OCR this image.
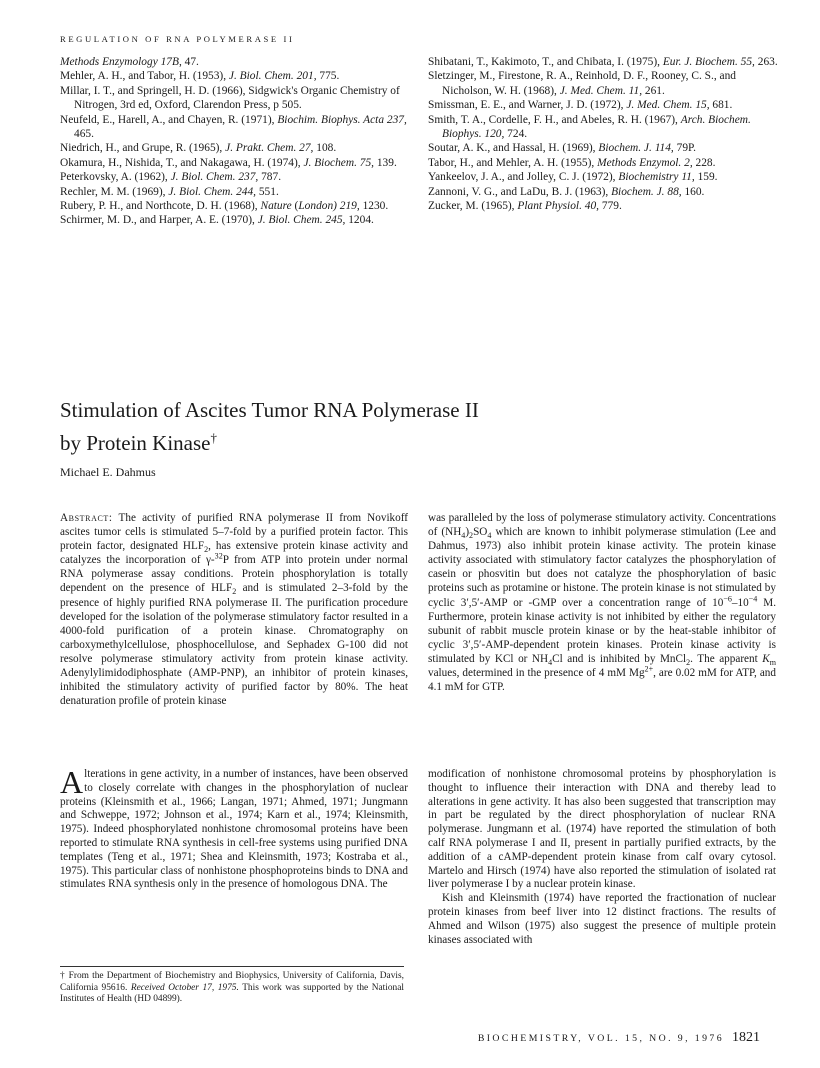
REGULATION OF RNA POLYMERASE II
Methods Enzymology 17B, 47.
Mehler, A. H., and Tabor, H. (1953), J. Biol. Chem. 201, 775.
Millar, I. T., and Springell, H. D. (1966), Sidgwick's Organic Chemistry of Nitrogen, 3rd ed, Oxford, Clarendon Press, p 505.
Neufeld, E., Harell, A., and Chayen, R. (1971), Biochim. Biophys. Acta 237, 465.
Niedrich, H., and Grupe, R. (1965), J. Prakt. Chem. 27, 108.
Okamura, H., Nishida, T., and Nakagawa, H. (1974), J. Biochem. 75, 139.
Peterkovsky, A. (1962), J. Biol. Chem. 237, 787.
Rechler, M. M. (1969), J. Biol. Chem. 244, 551.
Rubery, P. H., and Northcote, D. H. (1968), Nature (London) 219, 1230.
Schirmer, M. D., and Harper, A. E. (1970), J. Biol. Chem. 245, 1204.
Shibatani, T., Kakimoto, T., and Chibata, I. (1975), Eur. J. Biochem. 55, 263.
Sletzinger, M., Firestone, R. A., Reinhold, D. F., Rooney, C. S., and Nicholson, W. H. (1968), J. Med. Chem. 11, 261.
Smissman, E. E., and Warner, J. D. (1972), J. Med. Chem. 15, 681.
Smith, T. A., Cordelle, F. H., and Abeles, R. H. (1967), Arch. Biochem. Biophys. 120, 724.
Soutar, A. K., and Hassal, H. (1969), Biochem. J. 114, 79P.
Tabor, H., and Mehler, A. H. (1955), Methods Enzymol. 2, 228.
Yankeelov, J. A., and Jolley, C. J. (1972), Biochemistry 11, 159.
Zannoni, V. G., and LaDu, B. J. (1963), Biochem. J. 88, 160.
Zucker, M. (1965), Plant Physiol. 40, 779.
Stimulation of Ascites Tumor RNA Polymerase II
by Protein Kinase†
Michael E. Dahmus
Abstract: The activity of purified RNA polymerase II from Novikoff ascites tumor cells is stimulated 5–7-fold by a purified protein factor. This protein factor, designated $HLF_2$, has extensive protein kinase activity and catalyzes the incorporation of γ-$^{32}$P from ATP into protein under normal RNA polymerase assay conditions. Protein phosphorylation is totally dependent on the presence of $HLF_2$ and is stimulated 2–3-fold by the presence of highly purified RNA polymerase II. The purification procedure developed for the isolation of the polymerase stimulatory factor resulted in a 4000-fold purification of a protein kinase. Chromatography on carboxymethylcellulose, phosphocellulose, and Sephadex G-100 did not resolve polymerase stimulatory activity from protein kinase activity. Adenylylimidodiphosphate (AMP-PNP), an inhibitor of protein kinases, inhibited the stimulatory activity of purified factor by 80%. The heat denaturation profile of protein kinase
was paralleled by the loss of polymerase stimulatory activity. Concentrations of $(NH_4)_2SO_4$ which are known to inhibit polymerase stimulation (Lee and Dahmus, 1973) also inhibit protein kinase activity. The protein kinase activity associated with stimulatory factor catalyzes the phosphorylation of casein or phosvitin but does not catalyze the phosphorylation of basic proteins such as protamine or histone. The protein kinase is not stimulated by cyclic 3′,5′-AMP or -GMP over a concentration range of $10^{-6}-10^{-4}$ M. Furthermore, protein kinase activity is not inhibited by either the regulatory subunit of rabbit muscle protein kinase or by the heat-stable inhibitor of cyclic 3′,5′-AMP-dependent protein kinases. Protein kinase activity is stimulated by KCl or $NH_4Cl$ and is inhibited by MnCl$_2$. The apparent $K_m$ values, determined in the presence of 4 mM $Mg^{2+}$, are 0.02 mM for ATP, and 4.1 mM for GTP.

Alterations in gene activity, in a number of instances, have been observed to closely correlate with changes in the phosphorylation of nuclear proteins (Kleinsmith et al., 1966; Langan, 1971; Ahmed, 1971; Jungmann and Schweppe, 1972; Johnson et al., 1974; Karn et al., 1974; Kleinsmith, 1975). Indeed phosphorylated nonhistone chromosomal proteins have been reported to stimulate RNA synthesis in cell-free systems using purified DNA templates (Teng et al., 1971; Shea and Kleinsmith, 1973; Kostraba et al., 1975). This particular class of nonhistone phosphoproteins binds to DNA and stimulates RNA synthesis only in the presence of homologous DNA. The

modification of nonhistone chromosomal proteins by phosphorylation is thought to influence their interaction with DNA and thereby lead to alterations in gene activity. It has also been suggested that transcription may in part be regulated by the direct phosphorylation of nuclear RNA polymerase. Jungmann et al. (1974) have reported the stimulation of both calf RNA polymerase I and II, present in partially purified extracts, by the addition of a cAMP-dependent protein kinase from calf ovary cytosol. Martelo and Hirsch (1974) have also reported the stimulation of isolated rat liver polymerase I by a nuclear protein kinase.

Kish and Kleinsmith (1974) have reported the fractionation of nuclear protein kinases from beef liver into 12 distinct fractions. The results of Ahmed and Wilson (1975) also suggest the presence of multiple protein kinases associated with

† From the Department of Biochemistry and Biophysics, University of California, Davis, California 95616. Received October 17, 1975. This work was supported by the National Institutes of Health (HD 04899).
BIOCHEMISTRY, VOL. 15, NO. 9, 1976 1821
